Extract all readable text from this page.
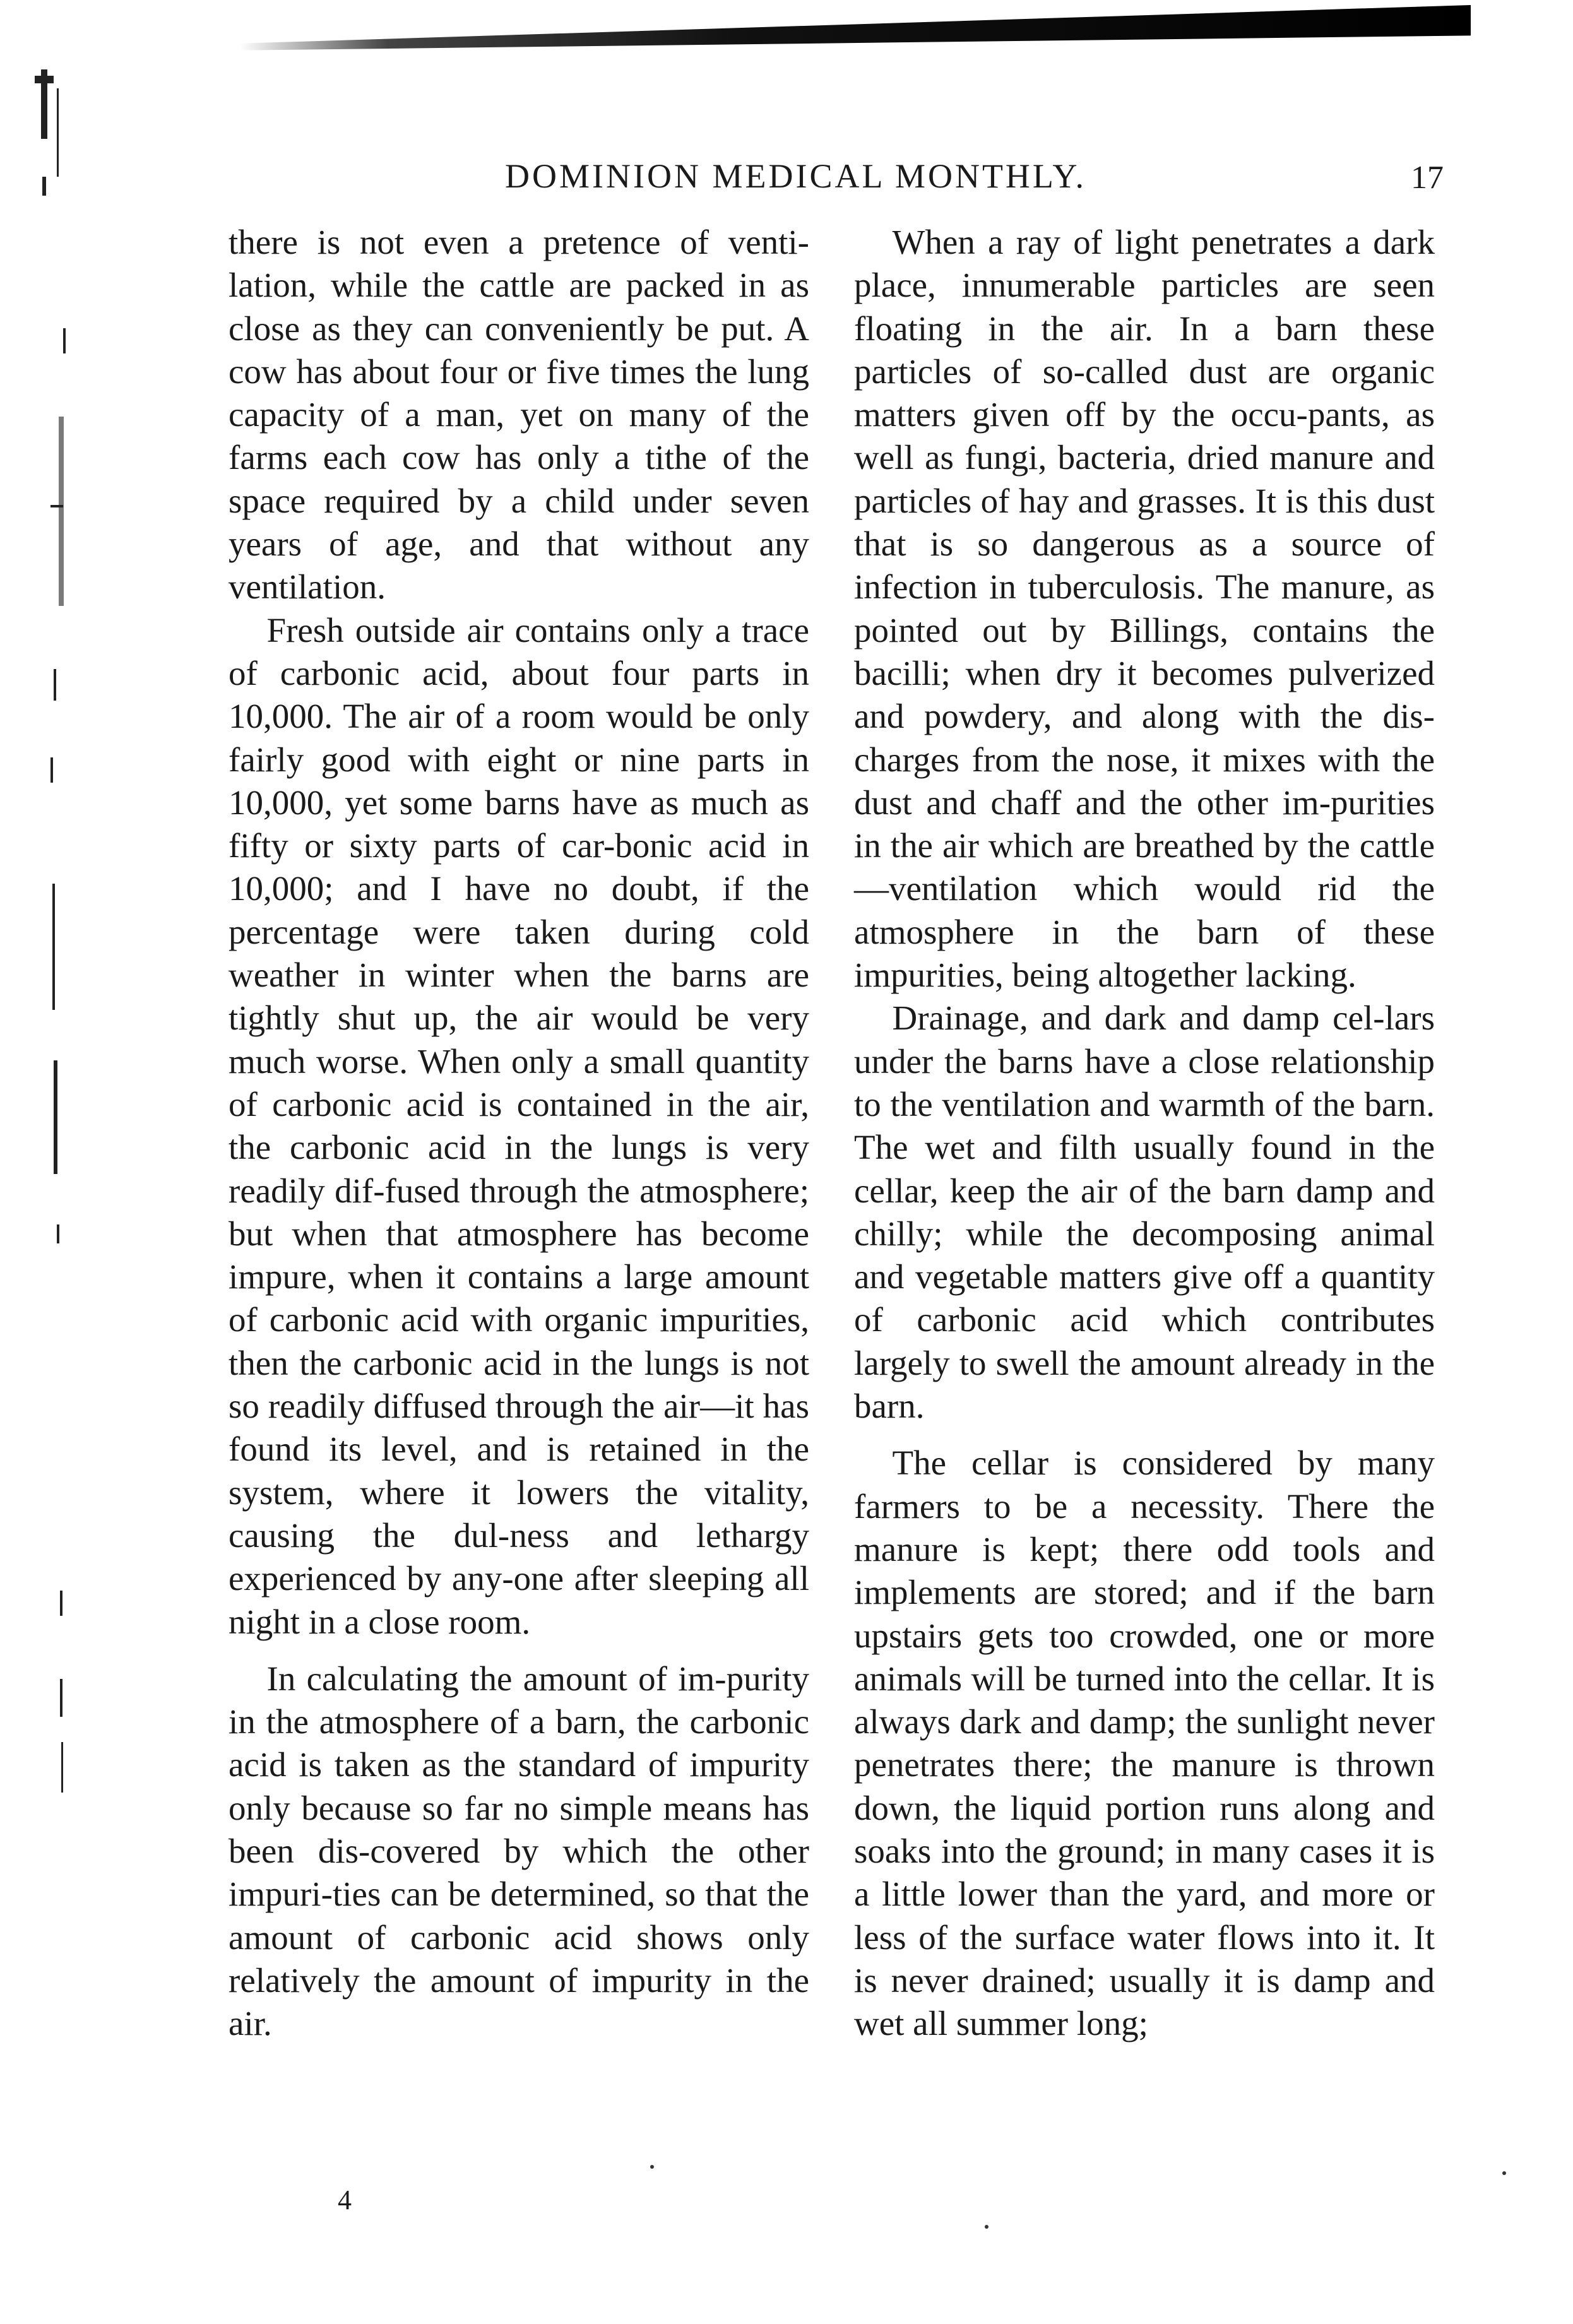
DOMINION MEDICAL MONTHLY.	17

there is not even a pretence of venti-lation, while the cattle are packed in as close as they can conveniently be put. A cow has about four or five times the lung capacity of a man, yet on many of the farms each cow has only a tithe of the space required by a child under seven years of age, and that without any ventilation.

Fresh outside air contains only a trace of carbonic acid, about four parts in 10,000. The air of a room would be only fairly good with eight or nine parts in 10,000, yet some barns have as much as fifty or sixty parts of car-bonic acid in 10,000; and I have no doubt, if the percentage were taken during cold weather in winter when the barns are tightly shut up, the air would be very much worse. When only a small quantity of carbonic acid is contained in the air, the carbonic acid in the lungs is very readily dif-fused through the atmosphere; but when that atmosphere has become impure, when it contains a large amount of carbonic acid with organic impurities, then the carbonic acid in the lungs is not so readily diffused through the air—it has found its level, and is retained in the system, where it lowers the vitality, causing the dul-ness and lethargy experienced by any-one after sleeping all night in a close room.

In calculating the amount of im-purity in the atmosphere of a barn, the carbonic acid is taken as the standard of impurity only because so far no simple means has been dis-covered by which the other impuri-ties can be determined, so that the amount of carbonic acid shows only relatively the amount of impurity in the air.

When a ray of light penetrates a dark place, innumerable particles are seen floating in the air. In a barn these particles of so-called dust are organic matters given off by the occu-pants, as well as fungi, bacteria, dried manure and particles of hay and grasses. It is this dust that is so dangerous as a source of infection in tuberculosis. The manure, as pointed out by Billings, contains the bacilli; when dry it becomes pulverized and powdery, and along with the dis-charges from the nose, it mixes with the dust and chaff and the other im-purities in the air which are breathed by the cattle—ventilation which would rid the atmosphere in the barn of these impurities, being altogether lacking.

Drainage, and dark and damp cel-lars under the barns have a close relationship to the ventilation and warmth of the barn. The wet and filth usually found in the cellar, keep the air of the barn damp and chilly; while the decomposing animal and vegetable matters give off a quantity of carbonic acid which contributes largely to swell the amount already in the barn.

The cellar is considered by many farmers to be a necessity. There the manure is kept; there odd tools and implements are stored; and if the barn upstairs gets too crowded, one or more animals will be turned into the cellar. It is always dark and damp; the sunlight never penetrates there; the manure is thrown down, the liquid portion runs along and soaks into the ground; in many cases it is a little lower than the yard, and more or less of the surface water flows into it. It is never drained; usually it is damp and wet all summer long;

4
